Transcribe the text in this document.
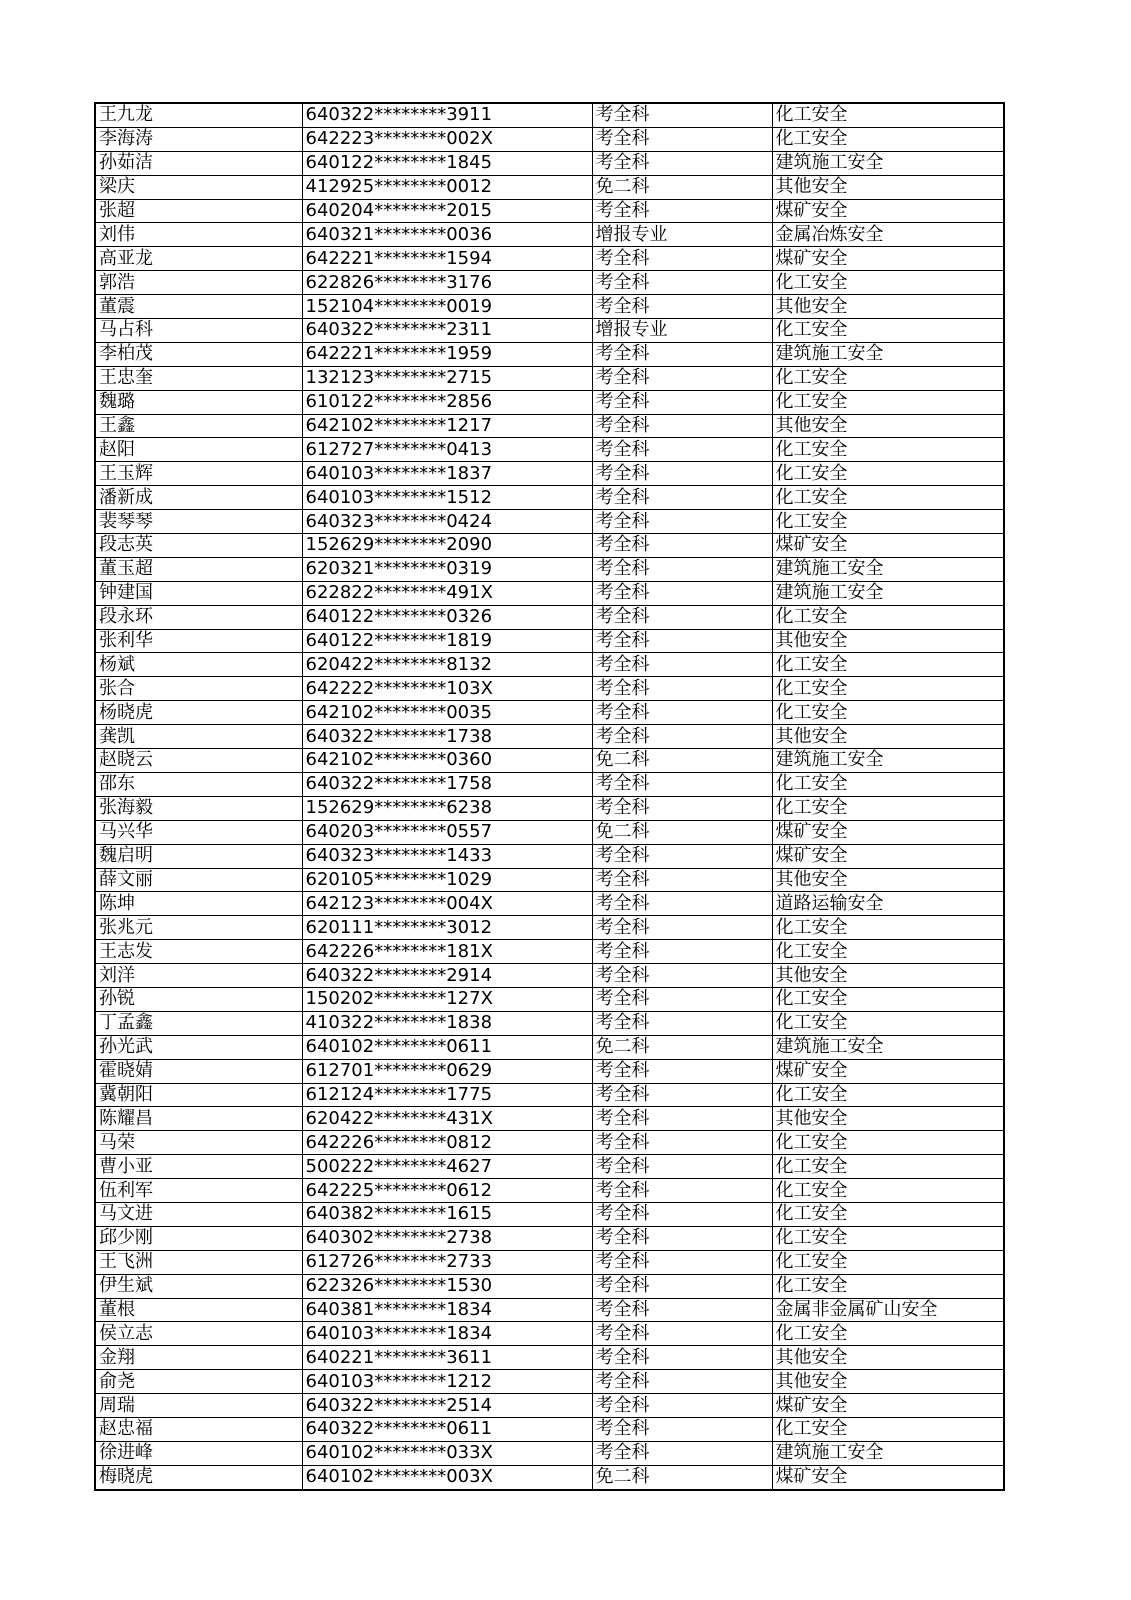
王九龙	640322********3911	考全科	化工安全
李海涛	642223********002X	考全科	化工安全
孙茹洁	640122********1845	考全科	建筑施工安全
梁庆	412925********0012	免二科	其他安全
张超	640204********2015	考全科	煤矿安全
刘伟	640321********0036	增报专业	金属冶炼安全
高亚龙	642221********1594	考全科	煤矿安全
郭浩	622826********3176	考全科	化工安全
董震	152104********0019	考全科	其他安全
马占科	640322********2311	增报专业	化工安全
李柏茂	642221********1959	考全科	建筑施工安全
王忠奎	132123********2715	考全科	化工安全
魏璐	610122********2856	考全科	化工安全
王鑫	642102********1217	考全科	其他安全
赵阳	612727********0413	考全科	化工安全
王玉辉	640103********1837	考全科	化工安全
潘新成	640103********1512	考全科	化工安全
裴琴琴	640323********0424	考全科	化工安全
段志英	152629********2090	考全科	煤矿安全
董玉超	620321********0319	考全科	建筑施工安全
钟建国	622822********491X	考全科	建筑施工安全
段永环	640122********0326	考全科	化工安全
张利华	640122********1819	考全科	其他安全
杨斌	620422********8132	考全科	化工安全
张合	642222********103X	考全科	化工安全
杨晓虎	642102********0035	考全科	化工安全
龚凯	640322********1738	考全科	其他安全
赵晓云	642102********0360	免二科	建筑施工安全
邵东	640322********1758	考全科	化工安全
张海毅	152629********6238	考全科	化工安全
马兴华	640203********0557	免二科	煤矿安全
魏启明	640323********1433	考全科	煤矿安全
薛文丽	620105********1029	考全科	其他安全
陈坤	642123********004X	考全科	道路运输安全
张兆元	620111********3012	考全科	化工安全
王志发	642226********181X	考全科	化工安全
刘洋	640322********2914	考全科	其他安全
孙锐	150202********127X	考全科	化工安全
丁孟鑫	410322********1838	考全科	化工安全
孙光武	640102********0611	免二科	建筑施工安全
霍晓婧	612701********0629	考全科	煤矿安全
冀朝阳	612124********1775	考全科	化工安全
陈耀昌	620422********431X	考全科	其他安全
马荣	642226********0812	考全科	化工安全
曹小亚	500222********4627	考全科	化工安全
伍利军	642225********0612	考全科	化工安全
马文进	640382********1615	考全科	化工安全
邱少刚	640302********2738	考全科	化工安全
王飞洲	612726********2733	考全科	化工安全
伊生斌	622326********1530	考全科	化工安全
董根	640381********1834	考全科	金属非金属矿山安全
侯立志	640103********1834	考全科	化工安全
金翔	640221********3611	考全科	其他安全
俞尧	640103********1212	考全科	其他安全
周瑞	640322********2514	考全科	煤矿安全
赵忠福	640322********0611	考全科	化工安全
徐进峰	640102********033X	考全科	建筑施工安全
梅晓虎	640102********003X	免二科	煤矿安全
